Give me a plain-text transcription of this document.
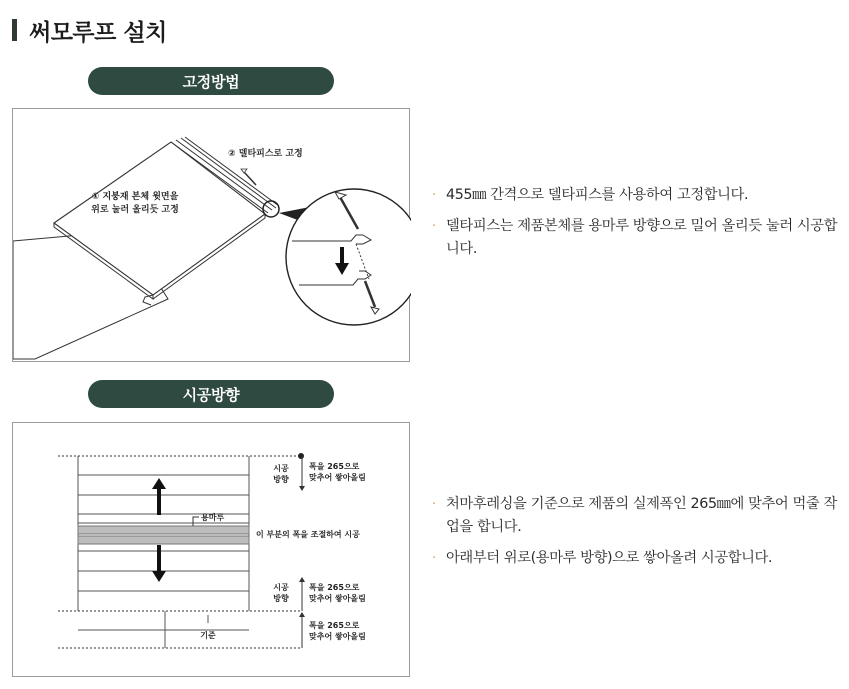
써모루프 설치
고정방법
① 지붕재 본체 윗면을
위로 눌러 올리듯 고정
② 델타피스로 고정
· 455㎜ 간격으로 델타피스를 사용하여 고정합니다.
· 델타피스는 제품본체를 용마루 방향으로 밀어 올리듯 눌러 시공합니다.
시공방향
시공
방향
폭을 265으로
맞추어 쌓아올림
용마루
이 부분의 폭을 조절하여 시공
시공
방향
폭을 265으로
맞추어 쌓아올림
기준
폭을 265으로
맞추어 쌓아올림
· 처마후레싱을 기준으로 제품의 실제폭인 265㎜에 맞추어 먹줄 작업을 합니다.
· 아래부터 위로(용마루 방향)으로 쌓아올려 시공합니다.
